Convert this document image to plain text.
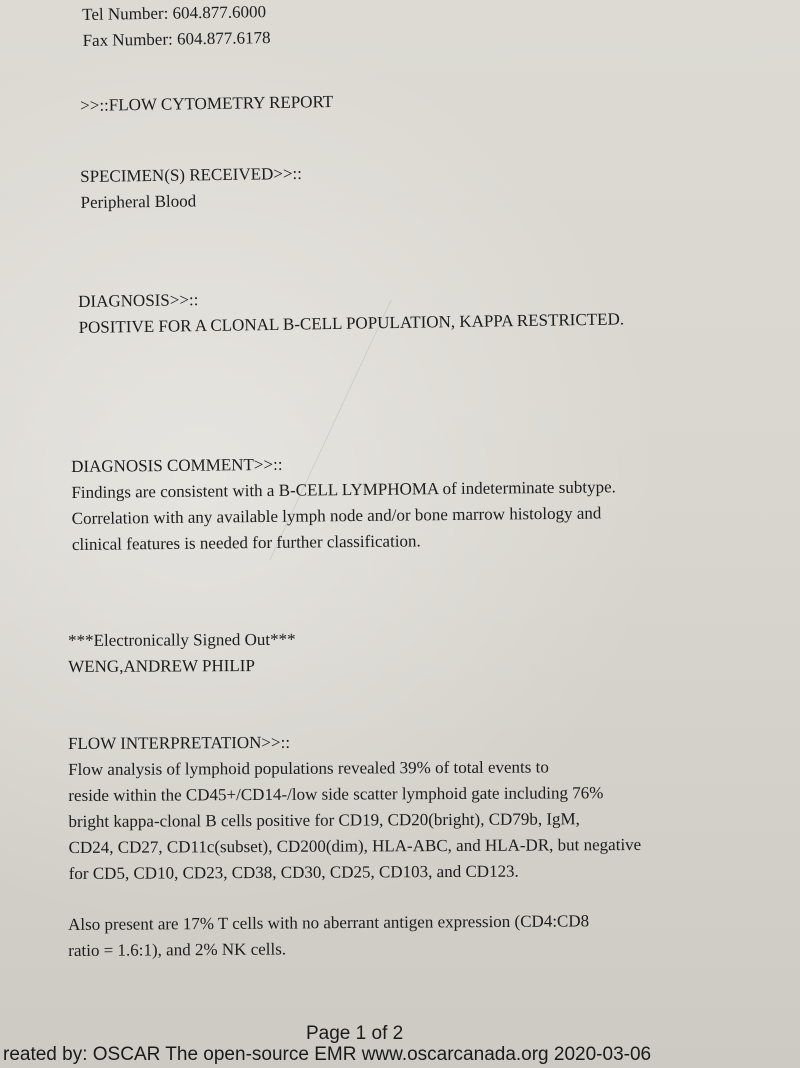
Tel Number: 604.877.6000
Fax Number: 604.877.6178
>>::FLOW CYTOMETRY REPORT
SPECIMEN(S) RECEIVED>>::
Peripheral Blood
DIAGNOSIS>>::
POSITIVE FOR A CLONAL B-CELL POPULATION, KAPPA RESTRICTED.
DIAGNOSIS COMMENT>>::
Findings are consistent with a B-CELL LYMPHOMA of indeterminate subtype.
Correlation with any available lymph node and/or bone marrow histology and
clinical features is needed for further classification.
***Electronically Signed Out***
WENG,ANDREW PHILIP
FLOW INTERPRETATION>>::
Flow analysis of lymphoid populations revealed 39% of total events to
reside within the CD45+/CD14-/low side scatter lymphoid gate including 76%
bright kappa-clonal B cells positive for CD19, CD20(bright), CD79b, IgM,
CD24, CD27, CD11c(subset), CD200(dim), HLA-ABC, and HLA-DR, but negative
for CD5, CD10, CD23, CD38, CD30, CD25, CD103, and CD123.
Also present are 17% T cells with no aberrant antigen expression (CD4:CD8
ratio = 1.6:1), and 2% NK cells.
Page 1 of 2
reated by: OSCAR The open-source EMR www.oscarcanada.org 2020-03-06
